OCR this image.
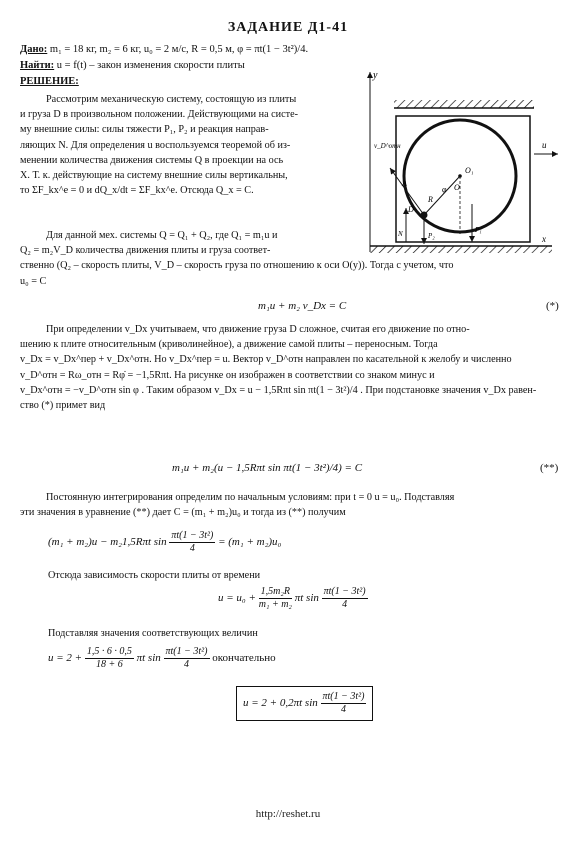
ЗАДАНИЕ Д1-41
Дано: m₁ = 18 кг, m₂ = 6 кг, u₀ = 2 м/с, R = 0,5 м, φ = πt(1 − 3t²)/4.
Найти: u = f(t) – закон изменения скорости плиты
РЕШЕНИЕ:
Рассмотрим механическую систему, состоящую из плиты
и груза D в произвольном положении. Действующими на систе-
му внешние силы: силы тяжести P₁, P₂ и реакция направ-
ляющих N. Для определения u воспользуемся теоремой об из-
менении количества движения системы Q в проекции на ось
X. Т. к. действующие на систему внешние силы вертикальны,
то ΣF_kx^e = 0 и dQ_x/dt = ΣF_kx^e. Отсюда Q_x = C.
Для данной мех. системы Q = Q₁ + Q₂, где Q₁ = m₁u и
Q₂ = m₂V_D количества движения плиты и груза соответ-
ственно (Q₂ – скорость плиты, V_D – скорость груза по отношению к оси O(y)). Тогда с учетом, что
u₀ = C
m₁u + m₂ v_Dx = C	(*)
При определении v_Dx учитываем, что движение груза D сложное, считая его движение по отно-
шению к плите относительным (криволинейное), а движение самой плиты – переносным. Тогда
v_Dx = v_Dx^пер + v_Dx^отн. Но v_Dx^пер = u. Вектор v_D^отн направлен по касательной к желобу и численно
v_D^отн = Rω_отн = Rφ̇ = −1,5Rπt. На рисунке он изображен в соответствии со знаком минус и
v_Dx^отн = −v_D^отн sin φ . Таким образом v_Dx = u − 1,5Rπt sin πt(1 − 3t²)/4 . При подстановке значения v_Dx равен-
ство (*) примет вид
m₁u + m₂(u − 1,5Rπt sin πt(1 − 3t²)/4) = C	(**)
Постоянную интегрирования определим по начальным условиям: при t = 0 u = u₀. Подставляя
эти значения в уравнение (**) дает C = (m₁ + m₂)u₀ и тогда из (**) получим
(m₁ + m₂)u − m₂1,5Rπt $\sin \frac{\text{πt(1 − 3t²)}}{4} = (m_1 + m_2)u_0$
Отсюда зависимость скорости плиты от времени
$u = u_0 + \frac{\text{1,5m₂R}}{\text{m₁ + m₂}}$ πt $\sin \frac{\text{πt(1 − 3t²)}}{4}$
Подставляя значения соответствующих величин
$u = 2 + \frac{1,5 \cdot 6 \cdot 0,5}{18 + 6}$ πt $\sin \frac{\text{πt(1 − 3t²)}}{4}$ окончательно
u = 2 + 0,2πt $\sin \frac{\text{πt(1 − 3t²)}}{4}$
y
x
O₁
φ
R
O
A
D
v_D^отн
P₂
P₁
N
u
http://reshet.ru
